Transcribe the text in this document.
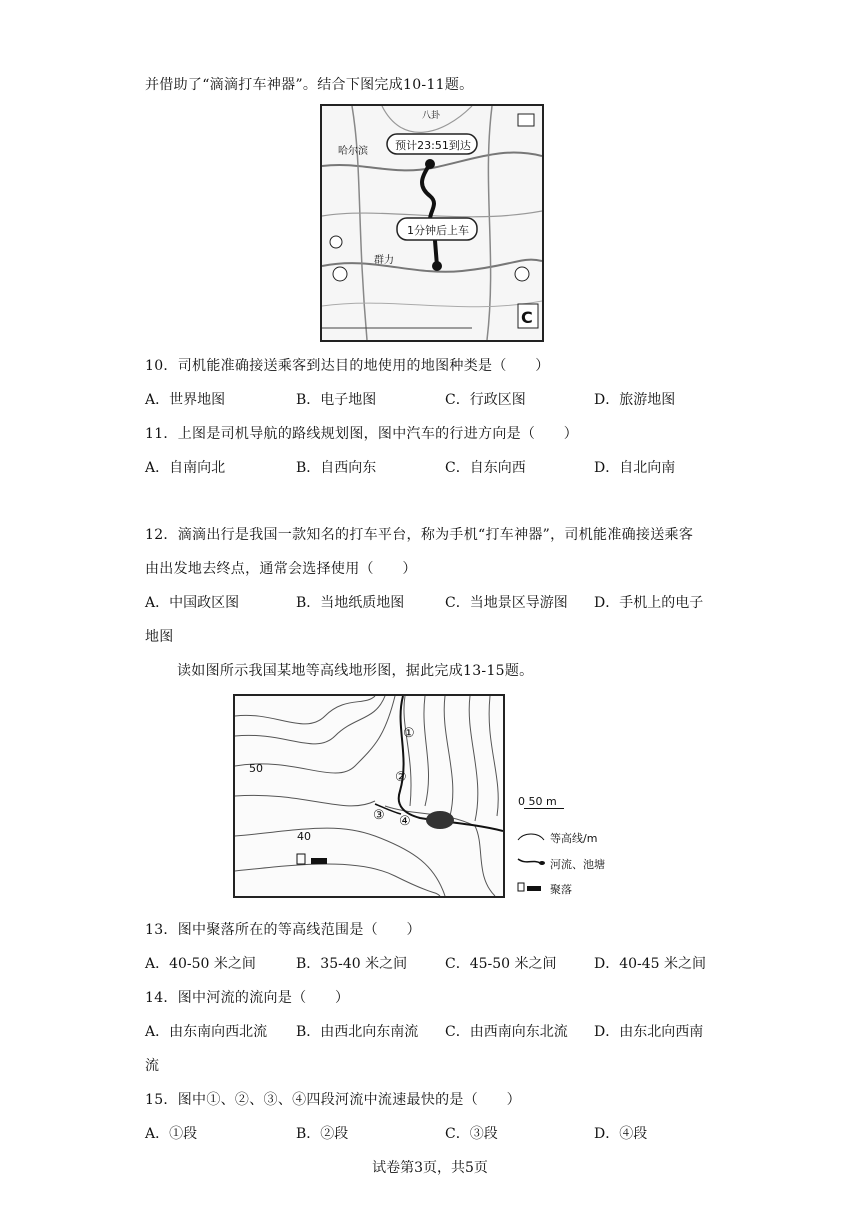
并借助了“滴滴打车神器”。结合下图完成10-11题。
预计23:51到达
1分钟后上车
C
八卦
哈尔滨
群力
10．司机能准确接送乘客到达目的地使用的地图种类是（　　）
A．世界地图	B．电子地图	C．行政区图	D．旅游地图
11．上图是司机导航的路线规划图，图中汽车的行进方向是（　　）
A．自南向北	B．自西向东	C．自东向西	D．自北向南
12．滴滴出行是我国一款知名的打车平台，称为手机“打车神器”，司机能准确接送乘客
由出发地去终点，通常会选择使用（　　）
A．中国政区图	B．当地纸质地图	C．当地景区导游图 D．手机上的电子
地图
读如图所示我国某地等高线地形图，据此完成13-15题。
50
40
①
②
③ ④
0 50 m
等高线/m
河流、池塘
聚落
13．图中聚落所在的等高线范围是（　　）
A．40-50 米之间	B．35-40 米之间	C．45-50 米之间	D．40-45 米之间
14．图中河流的流向是（　　）
A．由东南向西北流 B．由西北向东南流 C．由西南向东北流 D．由东北向西南
流
15．图中①、②、③、④四段河流中流速最快的是（　　）
A．①段	B．②段	C．③段	D．④段
试卷第3页，共5页
